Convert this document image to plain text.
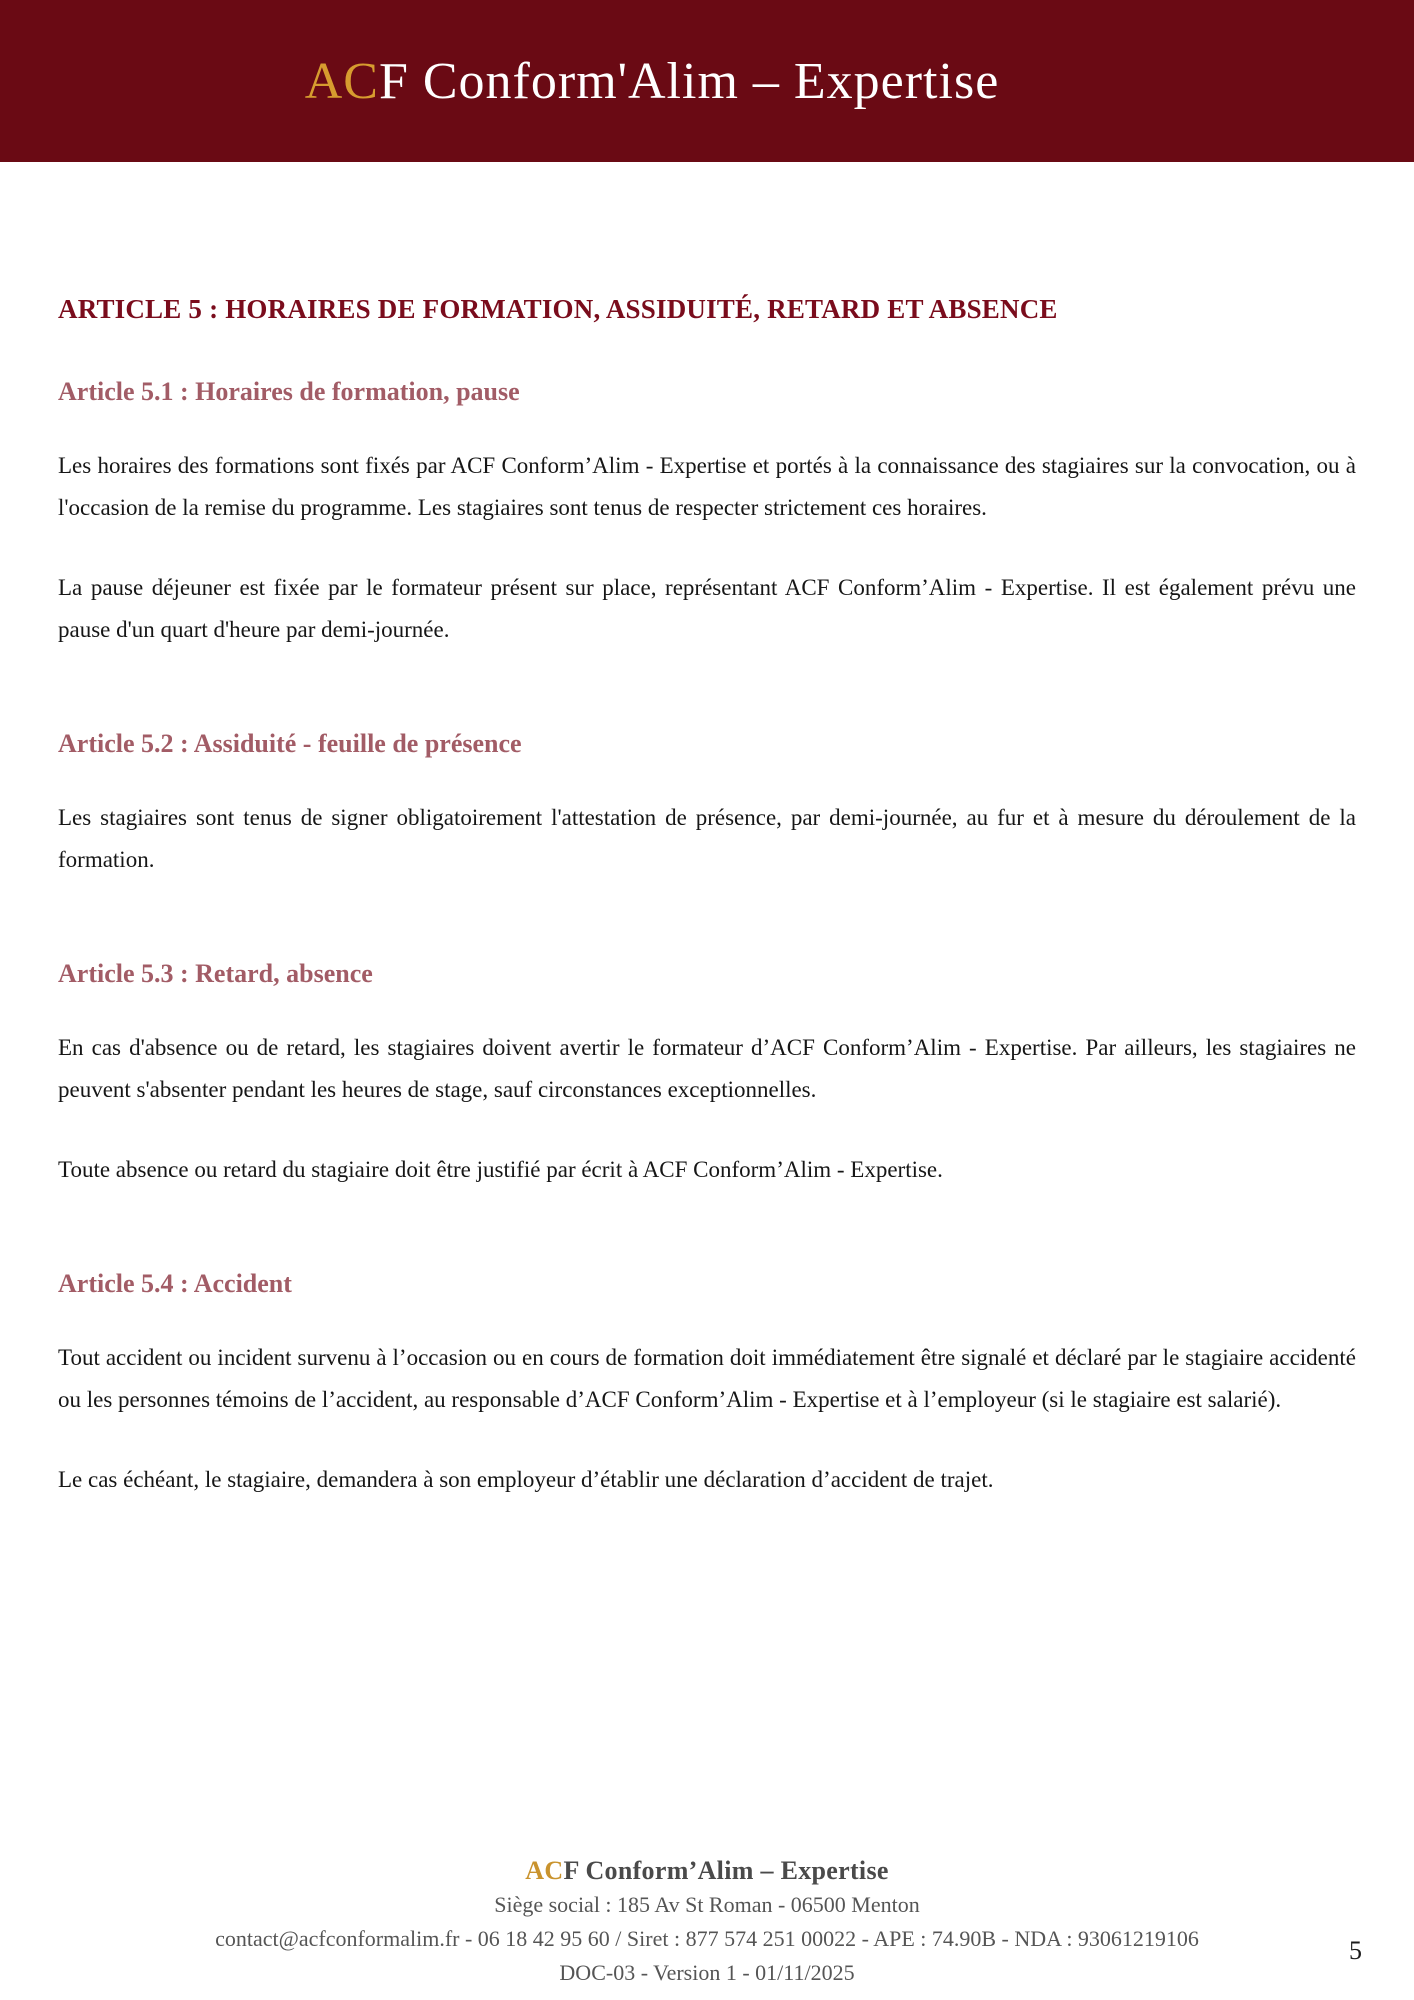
ACF Conform'Alim – Expertise
ARTICLE 5 : HORAIRES DE FORMATION, ASSIDUITÉ, RETARD ET ABSENCE
Article 5.1 : Horaires de formation, pause

Les horaires des formations sont fixés par ACF Conform’Alim - Expertise et portés à la connaissance des stagiaires sur la convocation, ou à l'occasion de la remise du programme. Les stagiaires sont tenus de respecter strictement ces horaires.

La pause déjeuner est fixée par le formateur présent sur place, représentant ACF Conform’Alim - Expertise. Il est également prévu une pause d'un quart d'heure par demi-journée.

Article 5.2 : Assiduité - feuille de présence

Les stagiaires sont tenus de signer obligatoirement l'attestation de présence, par demi-journée, au fur et à mesure du déroulement de la formation.

Article 5.3 : Retard, absence

En cas d'absence ou de retard, les stagiaires doivent avertir le formateur d’ACF Conform’Alim - Expertise. Par ailleurs, les stagiaires ne peuvent s'absenter pendant les heures de stage, sauf circonstances exceptionnelles.

Toute absence ou retard du stagiaire doit être justifié par écrit à ACF Conform’Alim - Expertise.

Article 5.4 : Accident

Tout accident ou incident survenu à l’occasion ou en cours de formation doit immédiatement être signalé et déclaré par le stagiaire accidenté ou les personnes témoins de l’accident, au responsable d’ACF Conform’Alim - Expertise et à l’employeur (si le stagiaire est salarié).

Le cas échéant, le stagiaire, demandera à son employeur d’établir une déclaration d’accident de trajet.

ACF Conform’Alim – Expertise
Siège social : 185 Av St Roman - 06500 Menton
contact@acfconformalim.fr - 06 18 42 95 60 / Siret : 877 574 251 00022 - APE : 74.90B - NDA : 93061219106
DOC-03 - Version 1 - 01/11/2025
5
